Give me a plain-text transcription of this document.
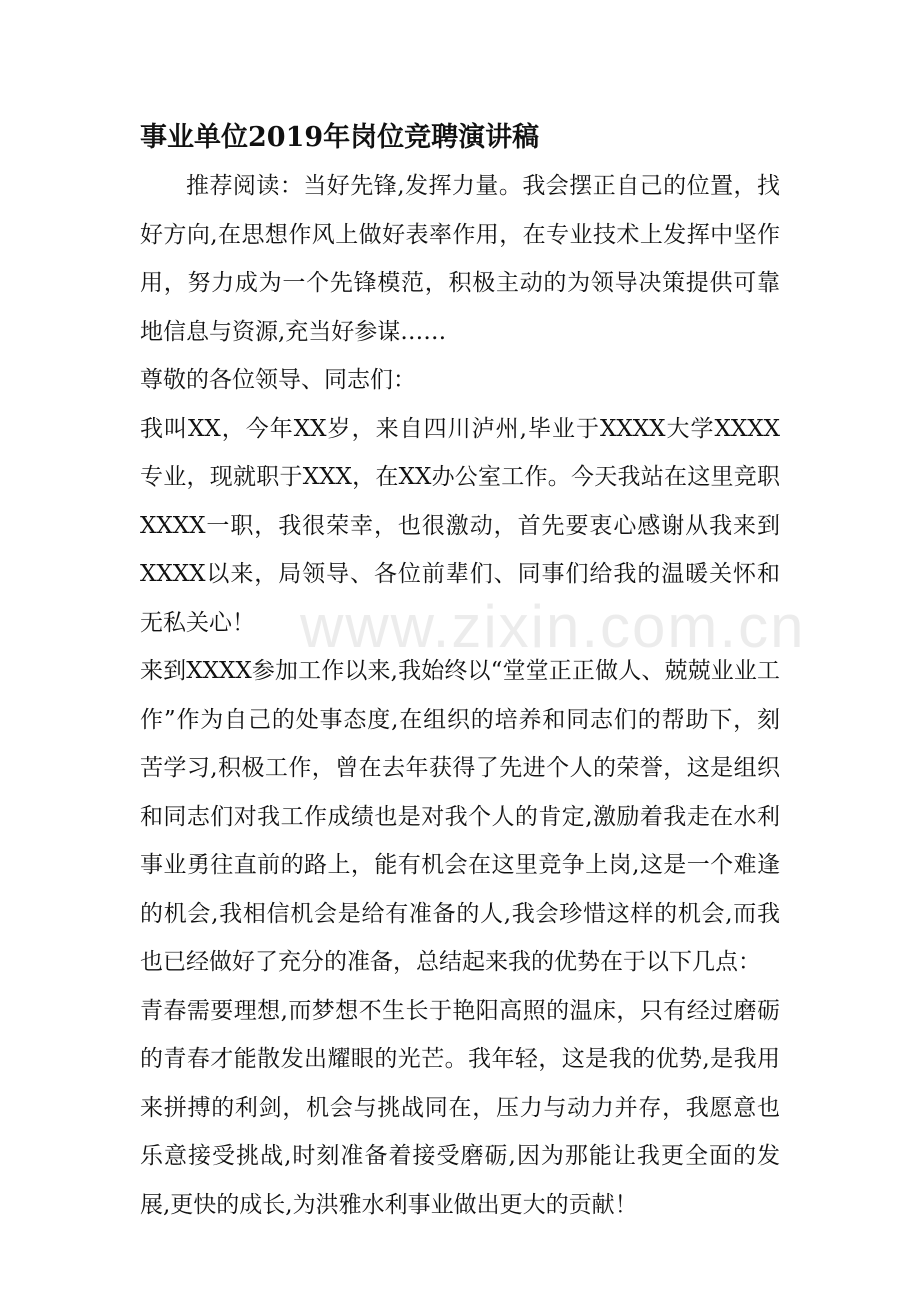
事业单位2019年岗位竞聘演讲稿

推荐阅读：当好先锋,发挥力量。我会摆正自己的位置，找好方向,在思想作风上做好表率作用，在专业技术上发挥中坚作用，努力成为一个先锋模范，积极主动的为领导决策提供可靠地信息与资源,充当好参谋……

尊敬的各位领导、同志们：

我叫XX，今年XX岁，来自四川泸州,毕业于XXXX大学XXXX专业，现就职于XXX，在XX办公室工作。今天我站在这里竞职XXXX一职，我很荣幸，也很激动，首先要衷心感谢从我来到XXXX以来，局领导、各位前辈们、同事们给我的温暖关怀和无私关心！

来到XXXX参加工作以来,我始终以“堂堂正正做人、兢兢业业工作”作为自己的处事态度,在组织的培养和同志们的帮助下，刻苦学习,积极工作，曾在去年获得了先进个人的荣誉，这是组织和同志们对我工作成绩也是对我个人的肯定,激励着我走在水利事业勇往直前的路上，能有机会在这里竞争上岗,这是一个难逢的机会,我相信机会是给有准备的人,我会珍惜这样的机会,而我也已经做好了充分的准备，总结起来我的优势在于以下几点：

青春需要理想,而梦想不生长于艳阳高照的温床，只有经过磨砺的青春才能散发出耀眼的光芒。我年轻，这是我的优势,是我用来拼搏的利剑，机会与挑战同在，压力与动力并存，我愿意也乐意接受挑战,时刻准备着接受磨砺,因为那能让我更全面的发展,更快的成长,为洪雅水利事业做出更大的贡献！

www.zixin.com.cn
